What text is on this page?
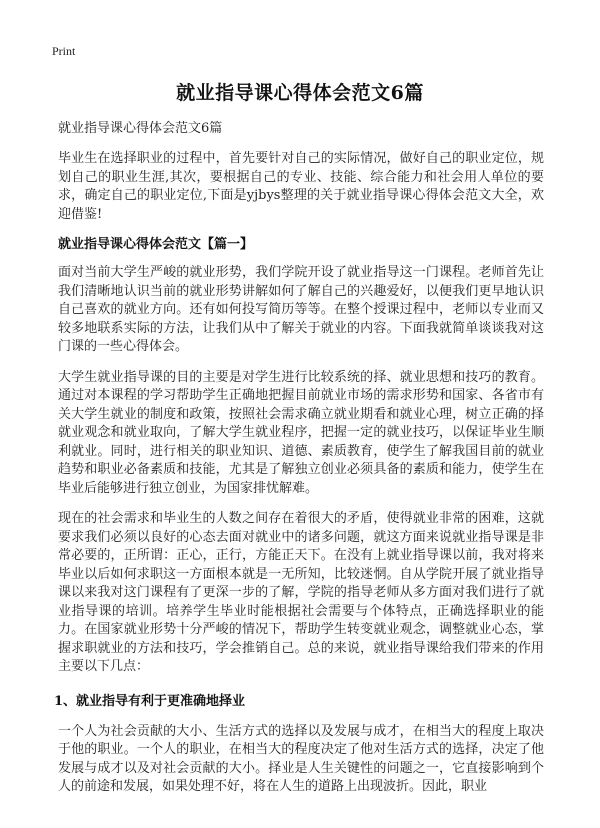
Print
就业指导课心得体会范文6篇
就业指导课心得体会范文6篇

毕业生在选择职业的过程中，首先要针对自己的实际情况，做好自己的职业定位，规划自己的职业生涯,其次，要根据自己的专业、技能、综合能力和社会用人单位的要求，确定自己的职业定位,下面是yjbys整理的关于就业指导课心得体会范文大全，欢迎借鉴!

就业指导课心得体会范文【篇一】

面对当前大学生严峻的就业形势，我们学院开设了就业指导这一门课程。老师首先让我们清晰地认识当前的就业形势讲解如何了解自己的兴趣爱好，以便我们更早地认识自己喜欢的就业方向。还有如何投写简历等等。在整个授课过程中，老师以专业而又较多地联系实际的方法，让我们从中了解关于就业的内容。下面我就简单谈谈我对这门课的一些心得体会。

大学生就业指导课的目的主要是对学生进行比较系统的择、就业思想和技巧的教育。通过对本课程的学习帮助学生正确地把握目前就业市场的需求形势和国家、各省市有关大学生就业的制度和政策，按照社会需求确立就业期看和就业心理，树立正确的择就业观念和就业取向，了解大学生就业程序，把握一定的就业技巧，以保证毕业生顺利就业。同时，进行相关的职业知识、道德、素质教育，使学生了解我国目前的就业趋势和职业必备素质和技能，尤其是了解独立创业必须具备的素质和能力，使学生在毕业后能够进行独立创业，为国家排忧解难。

现在的社会需求和毕业生的人数之间存在着很大的矛盾，使得就业非常的困难，这就要求我们必须以良好的心态去面对就业中的诸多问题，就这方面来说就业指导课是非常必要的，正所谓：正心，正行，方能正天下。在没有上就业指导课以前，我对将来毕业以后如何求职这一方面根本就是一无所知，比较迷惘。自从学院开展了就业指导课以来我对这门课程有了更深一步的了解，学院的指导老师从多方面对我们进行了就业指导课的培训。培养学生毕业时能根据社会需要与个体特点，正确选择职业的能力。在国家就业形势十分严峻的情况下，帮助学生转变就业观念，调整就业心态，掌握求职就业的方法和技巧，学会推销自己。总的来说，就业指导课给我们带来的作用主要以下几点：

1、就业指导有利于更准确地择业

一个人为社会贡献的大小、生活方式的选择以及发展与成才，在相当大的程度上取决于他的职业。一个人的职业，在相当大的程度决定了他对生活方式的选择，决定了他发展与成才以及对社会贡献的大小。择业是人生关键性的问题之一，它直接影响到个人的前途和发展，如果处理不好，将在人生的道路上出现波折。因此，职业
